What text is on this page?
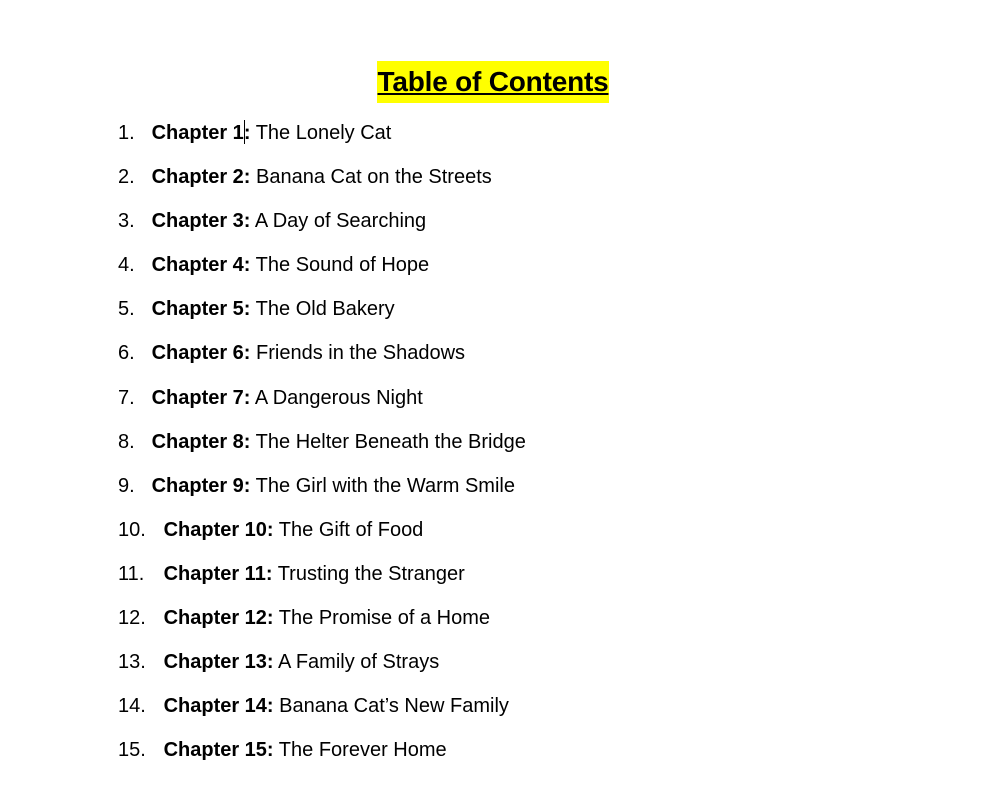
Table of Contents
1. Chapter 1: The Lonely Cat
2. Chapter 2: Banana Cat on the Streets
3. Chapter 3: A Day of Searching
4. Chapter 4: The Sound of Hope
5. Chapter 5: The Old Bakery
6. Chapter 6: Friends in the Shadows
7. Chapter 7: A Dangerous Night
8. Chapter 8: The Helter Beneath the Bridge
9. Chapter 9: The Girl with the Warm Smile
10. Chapter 10: The Gift of Food
11. Chapter 11: Trusting the Stranger
12. Chapter 12: The Promise of a Home
13. Chapter 13: A Family of Strays
14. Chapter 14: Banana Cat’s New Family
15. Chapter 15: The Forever Home
